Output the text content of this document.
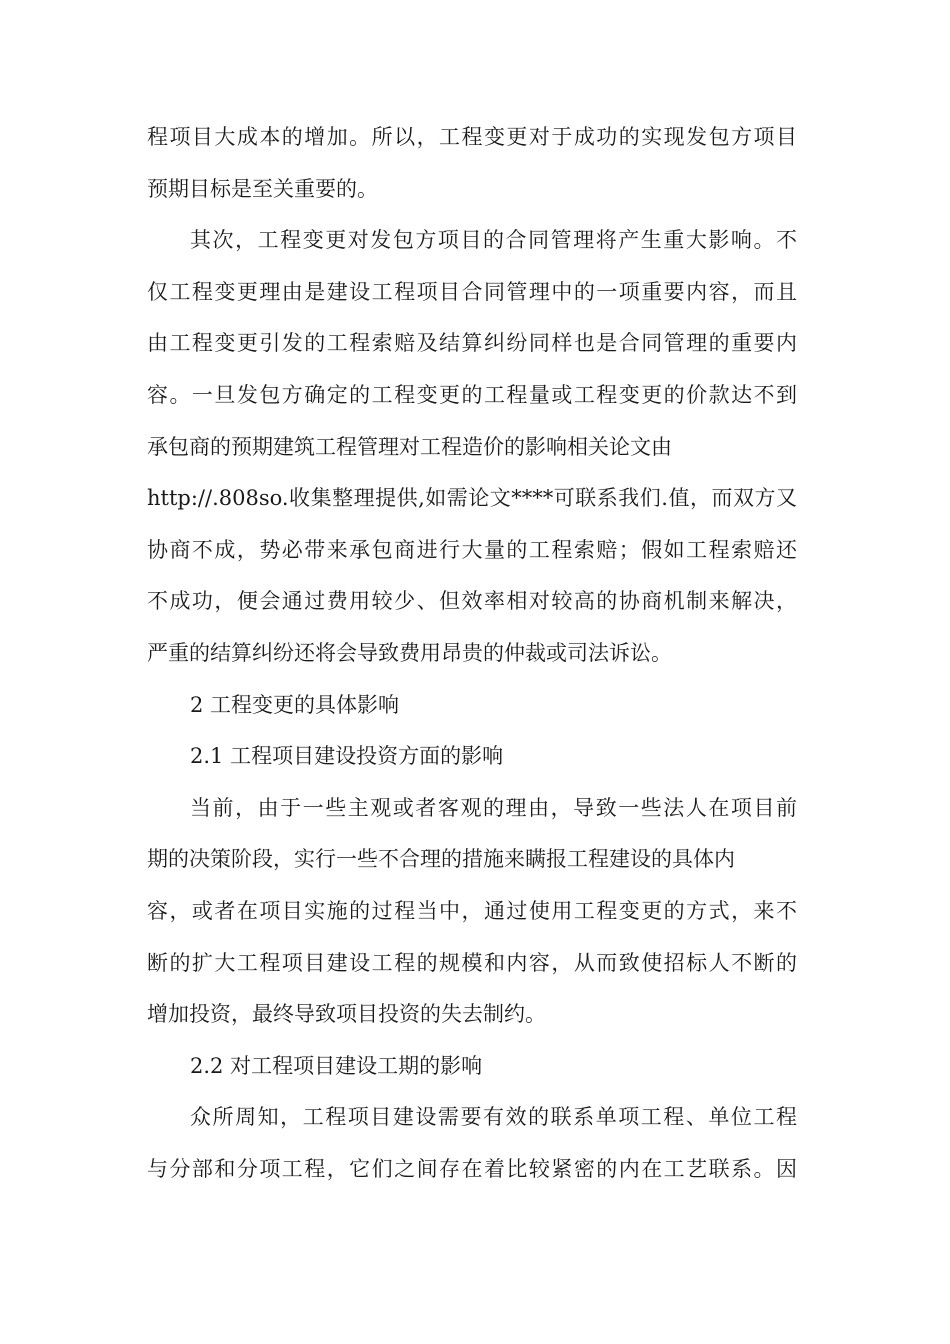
程项目大成本的增加。所以，工程变更对于成功的实现发包方项目
预期目标是至关重要的。
其次，工程变更对发包方项目的合同管理将产生重大影响。不
仅工程变更理由是建设工程项目合同管理中的一项重要内容，而且
由工程变更引发的工程索赔及结算纠纷同样也是合同管理的重要内
容。一旦发包方确定的工程变更的工程量或工程变更的价款达不到
承包商的预期建筑工程管理对工程造价的影响相关论文由
http://.808so.收集整理提供,如需论文****可联系我们.值，而双方又
协商不成，势必带来承包商进行大量的工程索赔；假如工程索赔还
不成功，便会通过费用较少、但效率相对较高的协商机制来解决，
严重的结算纠纷还将会导致费用昂贵的仲裁或司法诉讼。
2 工程变更的具体影响
2.1 工程项目建设投资方面的影响
当前，由于一些主观或者客观的理由，导致一些法人在项目前
期的决策阶段，实行一些不合理的措施来瞒报工程建设的具体内
容，或者在项目实施的过程当中，通过使用工程变更的方式，来不
断的扩大工程项目建设工程的规模和内容，从而致使招标人不断的
增加投资，最终导致项目投资的失去制约。
2.2 对工程项目建设工期的影响
众所周知，工程项目建设需要有效的联系单项工程、单位工程
与分部和分项工程，它们之间存在着比较紧密的内在工艺联系。因
